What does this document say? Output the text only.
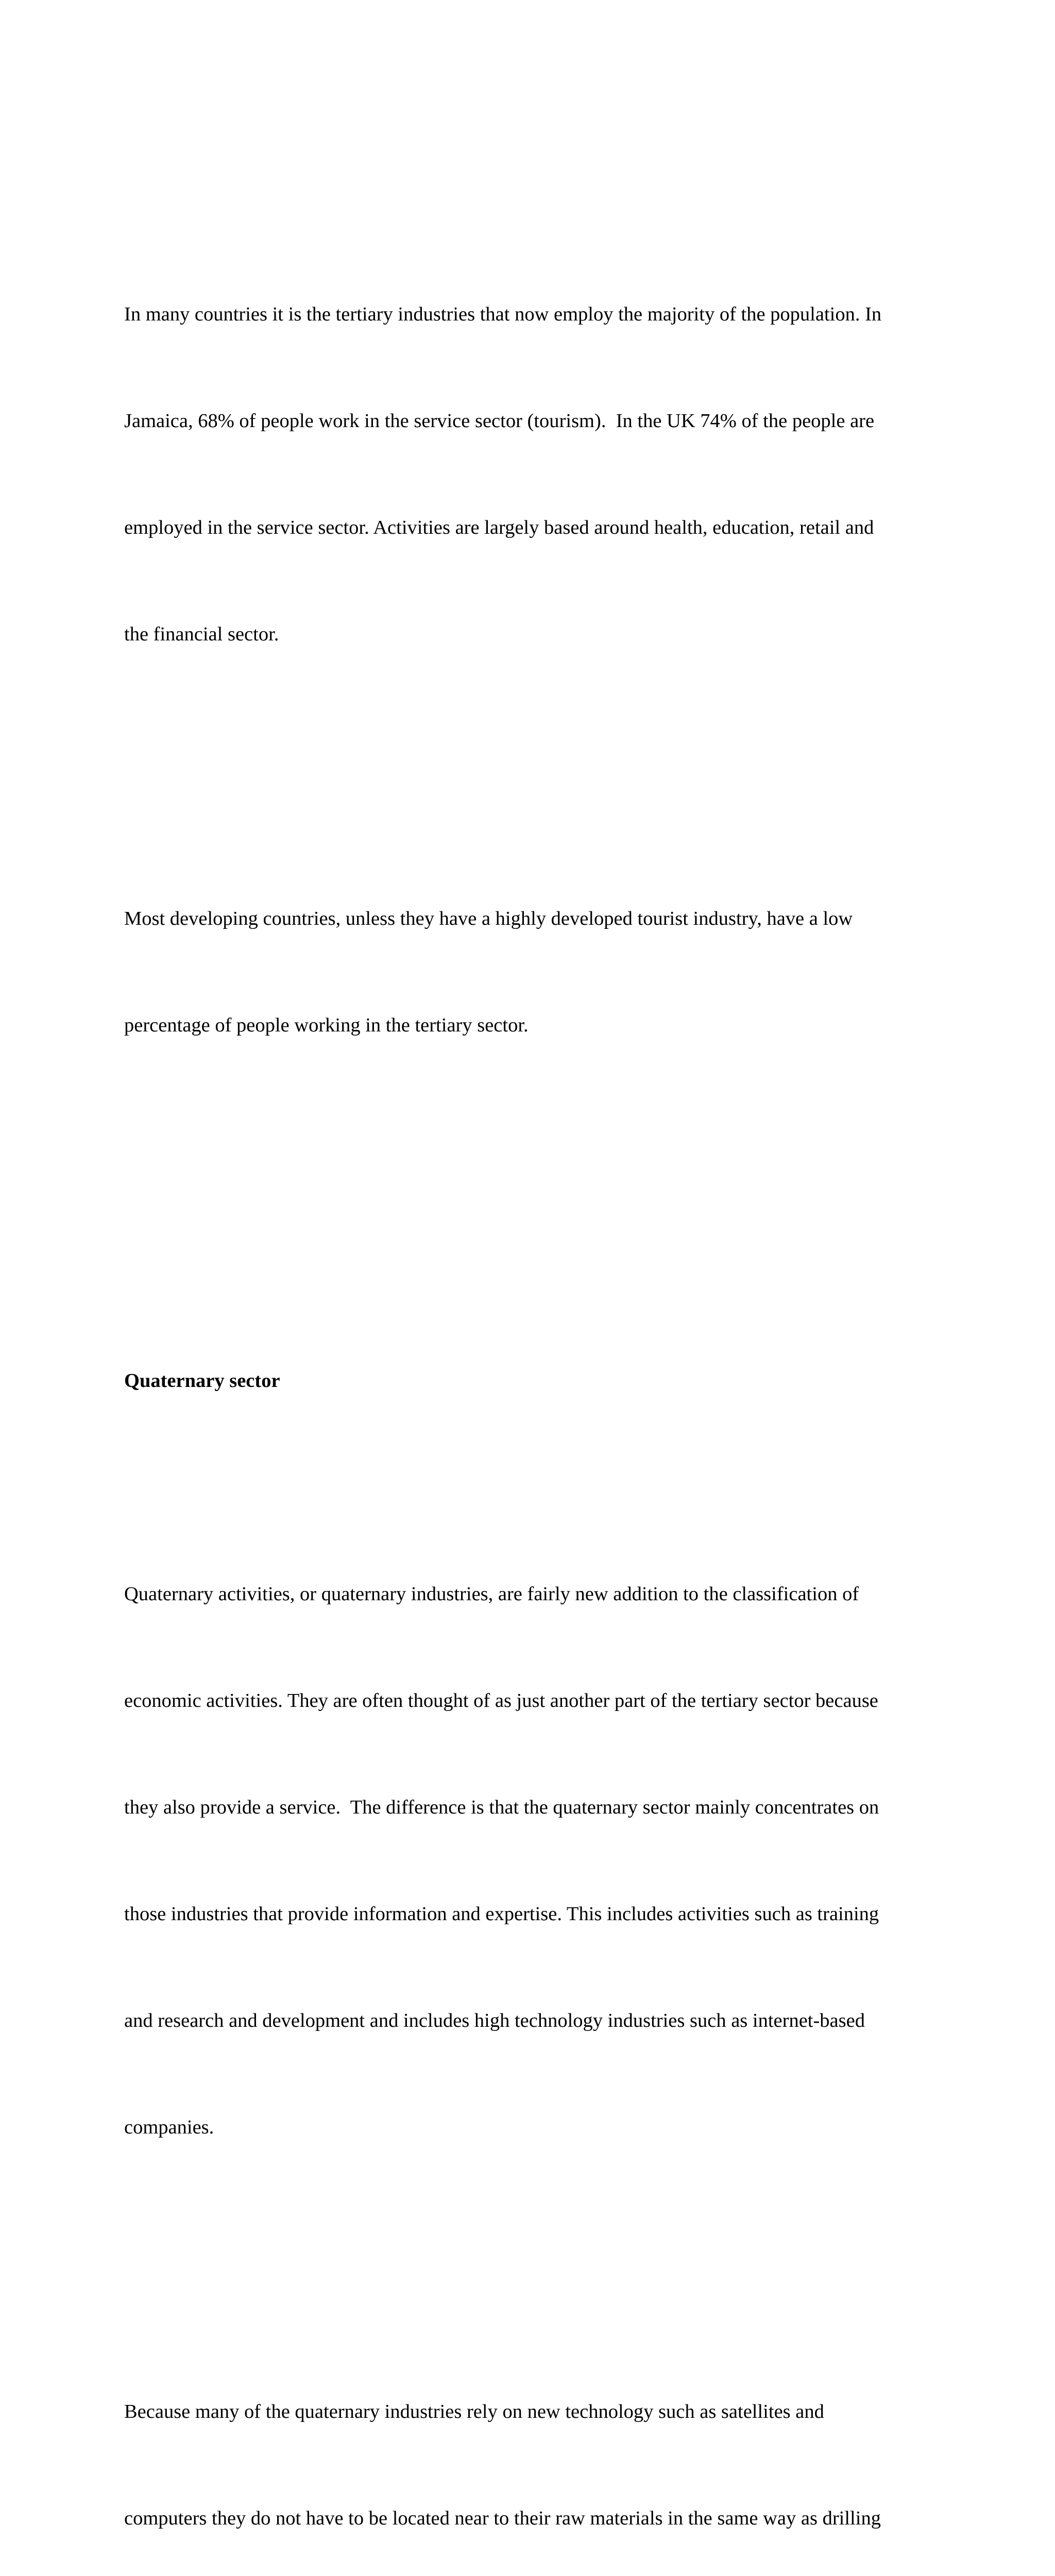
In many countries it is the tertiary industries that now employ the majority of the population. In

Jamaica, 68% of people work in the service sector (tourism).  In the UK 74% of the people are

employed in the service sector. Activities are largely based around health, education, retail and

the financial sector.

Most developing countries, unless they have a highly developed tourist industry, have a low

percentage of people working in the tertiary sector.

Quaternary sector

Quaternary activities, or quaternary industries, are fairly new addition to the classification of

economic activities. They are often thought of as just another part of the tertiary sector because

they also provide a service.  The difference is that the quaternary sector mainly concentrates on

those industries that provide information and expertise. This includes activities such as training

and research and development and includes high technology industries such as internet-based

companies.

Because many of the quaternary industries rely on new technology such as satellites and

computers they do not have to be located near to their raw materials in the same way as drilling
